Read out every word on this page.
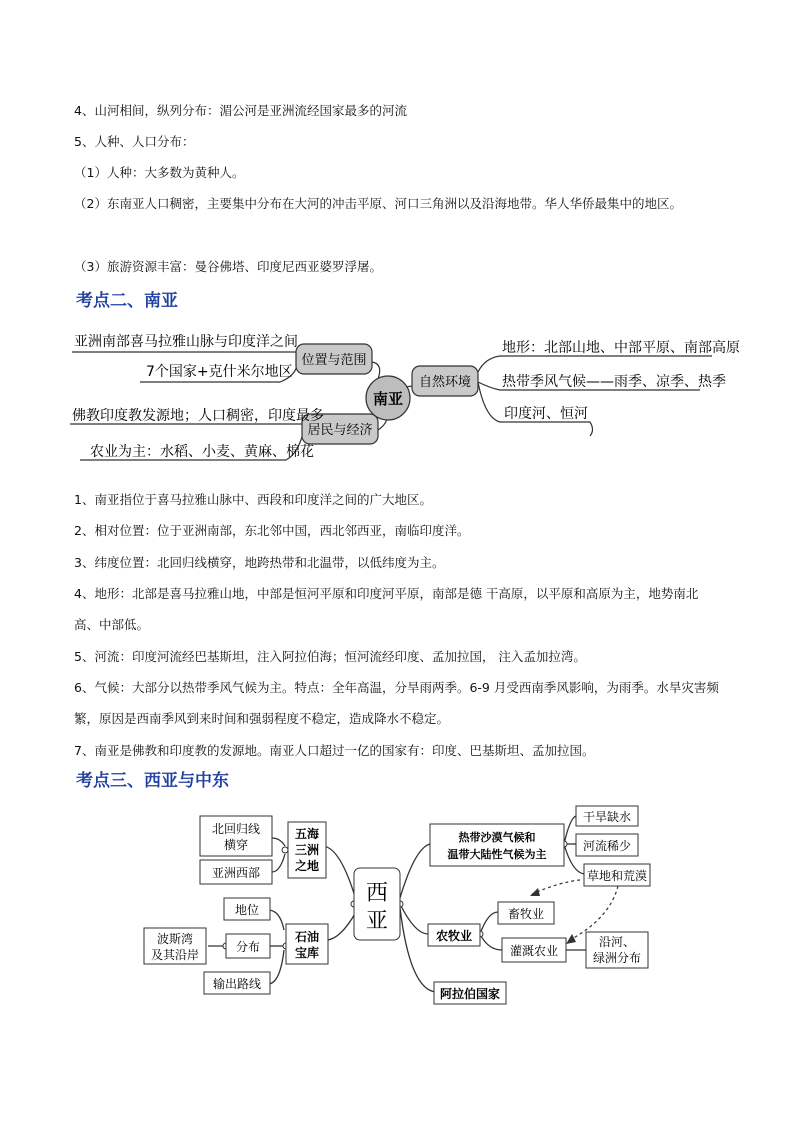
4、山河相间，纵列分布：湄公河是亚洲流经国家最多的河流
5、人种、人口分布：
（1）人种：大多数为黄种人。
（2）东南亚人口稠密，主要集中分布在大河的冲击平原、河口三角洲以及沿海地带。华人华侨最集中的地区。
（3）旅游资源丰富：曼谷佛塔、印度尼西亚婆罗浮屠。
考点二、南亚
位置与范围
居民与经济
南亚
自然环境
亚洲南部喜马拉雅山脉与印度洋之间
7个国家+克什米尔地区
佛教印度教发源地；人口稠密，印度最多
农业为主：水稻、小麦、黄麻、棉花
地形：北部山地、中部平原、南部高原
热带季风气候——雨季、凉季、热季
印度河、恒河
1、南亚指位于喜马拉雅山脉中、西段和印度洋之间的广大地区。
2、相对位置：位于亚洲南部，东北邻中国，西北邻西亚，南临印度洋。
3、纬度位置：北回归线横穿，地跨热带和北温带，以低纬度为主。
4、地形：北部是喜马拉雅山地，中部是恒河平原和印度河平原，南部是德 干高原，以平原和高原为主，地势南北高、中部低。
5、河流：印度河流经巴基斯坦，注入阿拉伯海；恒河流经印度、孟加拉国， 注入孟加拉湾。
6、气候：大部分以热带季风气候为主。特点：全年高温，分旱雨两季。6-9 月受西南季风影响，为雨季。水旱灾害频繁，原因是西南季风到来时间和强弱程度不稳定，造成降水不稳定。
7、南亚是佛教和印度教的发源地。南亚人口超过一亿的国家有：印度、巴基斯坦、孟加拉国。
考点三、西亚与中东
北回归线
横穿
亚洲西部
五海
三洲
之地
西
亚
地位
分布
输出路线
波斯湾
及其沿岸
石油
宝库
热带沙漠气候和
温带大陆性气候为主
干旱缺水
河流稀少
草地和荒漠
农牧业
畜牧业
灌溉农业
沿河、
绿洲分布
阿拉伯国家
